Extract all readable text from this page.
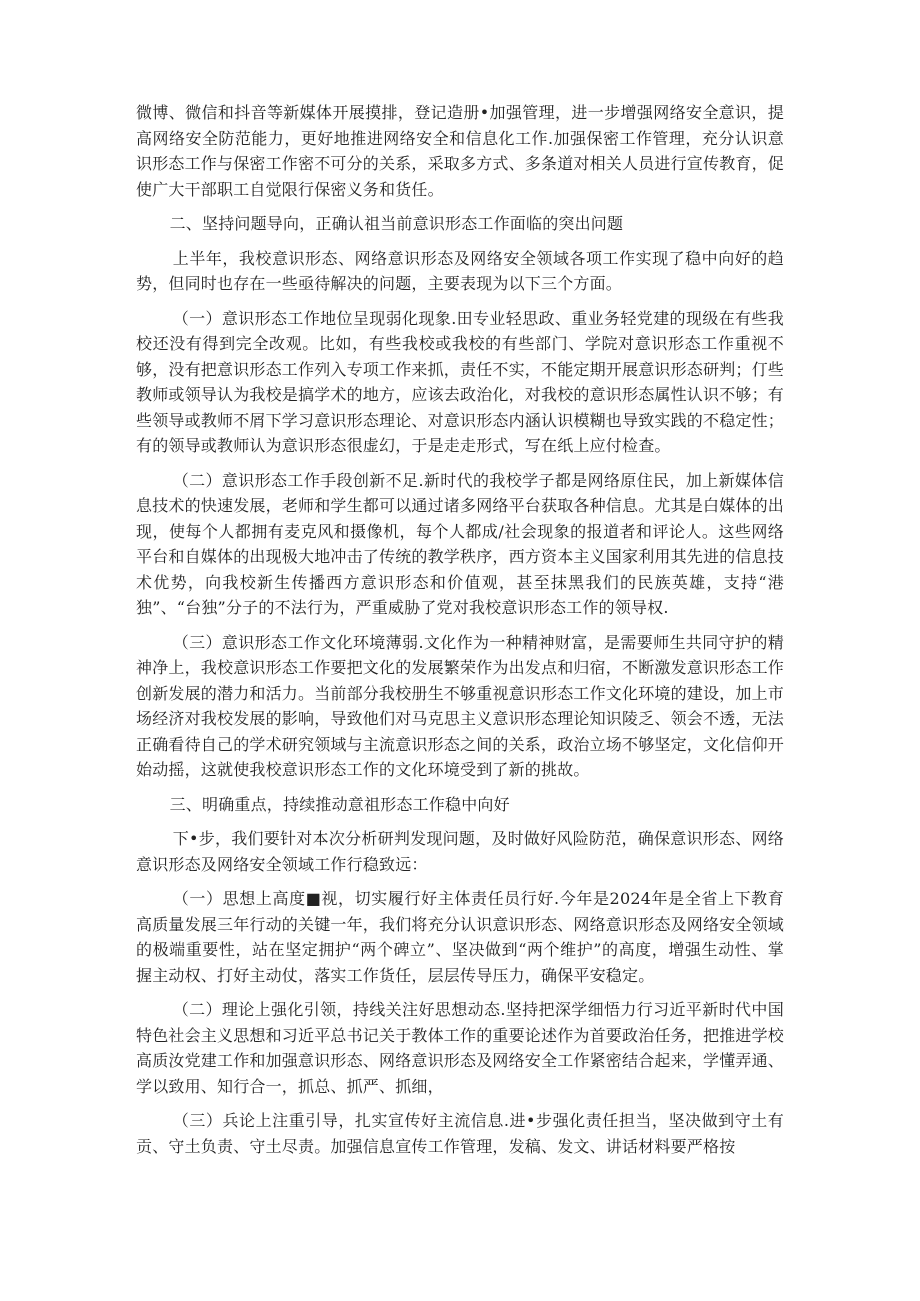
微博、微信和抖音等新媒体开展摸排，登记造册•加强管理，进一步增强网络安全意识，提高网络安全防范能力，更好地推进网络安全和信息化工作.加强保密工作管理，充分认识意识形态工作与保密工作密不可分的关系，采取多方式、多条道对相关人员进行宣传教育，促使广大干部职工自觉限行保密义务和货任。

二、坚持问题导向，正确认祖当前意识形态工作面临的突出问题

上半年，我校意识形态、网络意识形态及网络安全领域各项工作实现了稳中向好的趋势，但同时也存在一些亟待解决的问题，主要表现为以下三个方面。

（一）意识形态工作地位呈现弱化现象.田专业轻思政、重业务轻党建的现级在有些我校还没有得到完全改观。比如，有些我校或我校的有些部门、学院对意识形态工作重视不够，没有把意识形态工作列入专项工作来抓，责任不实，不能定期开展意识形态研判；仃些教师或领导认为我校是搞学术的地方，应该去政治化，对我校的意识形态属性认识不够；有些领导或教师不屑下学习意识形态理论、对意识形态内涵认识模糊也导致实践的不稳定性；有的领导或教师认为意识形态很虚幻，于是走走形式，写在纸上应付检查。

（二）意识形态工作手段创新不足.新时代的我校学子都是网络原住民，加上新媒体信息技术的快速发展，老师和学生都可以通过诸多网络平台获取各种信息。尤其是白媒体的出现，使每个人都拥有麦克风和摄像机，每个人都成/社会现象的报道者和评论人。这些网络平台和自媒体的出现极大地冲击了传统的教学秩序，西方资本主义国家利用其先进的信息技术优势，向我校新生传播西方意识形态和价值观，甚至抹黑我们的民族英雄，支持“港独”、“台独”分子的不法行为，严重威胁了党对我校意识形态工作的领导权.

（三）意识形态工作文化环境薄弱.文化作为一种精神财富，是需要师生共同守护的精神净上，我校意识形态工作要把文化的发展繁荣作为出发点和归宿，不断激发意识形态工作创新发展的潜力和活力。当前部分我校册生不够重视意识形态工作文化环境的建设，加上市场经济对我校发展的影响，导致他们对马克思主义意识形态理论知识陵乏、领会不透，无法正确看待自己的学术研究领域与主流意识形态之间的关系，政治立场不够坚定，文化信仰开始动摇，这就使我校意识形态工作的文化环境受到了新的挑故。

三、明确重点，持续推动意祖形态工作稳中向好

下•步，我们要针对本次分析研判发现问题，及时做好风险防范，确保意识形态、网络意识形态及网络安全领域工作行稳致远：

（一）思想上高度■视，切实履行好主体责任员行好.今年是2024年是全省上下教育高质量发展三年行动的关键一年，我们将充分认识意识形态、网络意识形态及网络安全领域的极端重要性，站在坚定拥护“两个碑立”、坚决做到“两个维护”的高度，增强生动性、掌握主动权、打好主动仗，落实工作货任，层层传导压力，确保平安稳定。

（二）理论上强化引领，持线关注好思想动态.坚持把深学细悟力行习近平新时代中国特色社会主义思想和习近平总书记关于教体工作的重要论述作为首要政治任务，把推进学校高质汝党建工作和加强意识形态、网络意识形态及网络安全工作紧密结合起来，学懂弄通、学以致用、知行合一，抓总、抓严、抓细，

（三）兵论上注重引导，扎实宣传好主流信息.进•步强化责任担当，坚决做到守土有贡、守土负责、守土尽责。加强信息宣传工作管理，发稿、发文、讲话材料要严格按
